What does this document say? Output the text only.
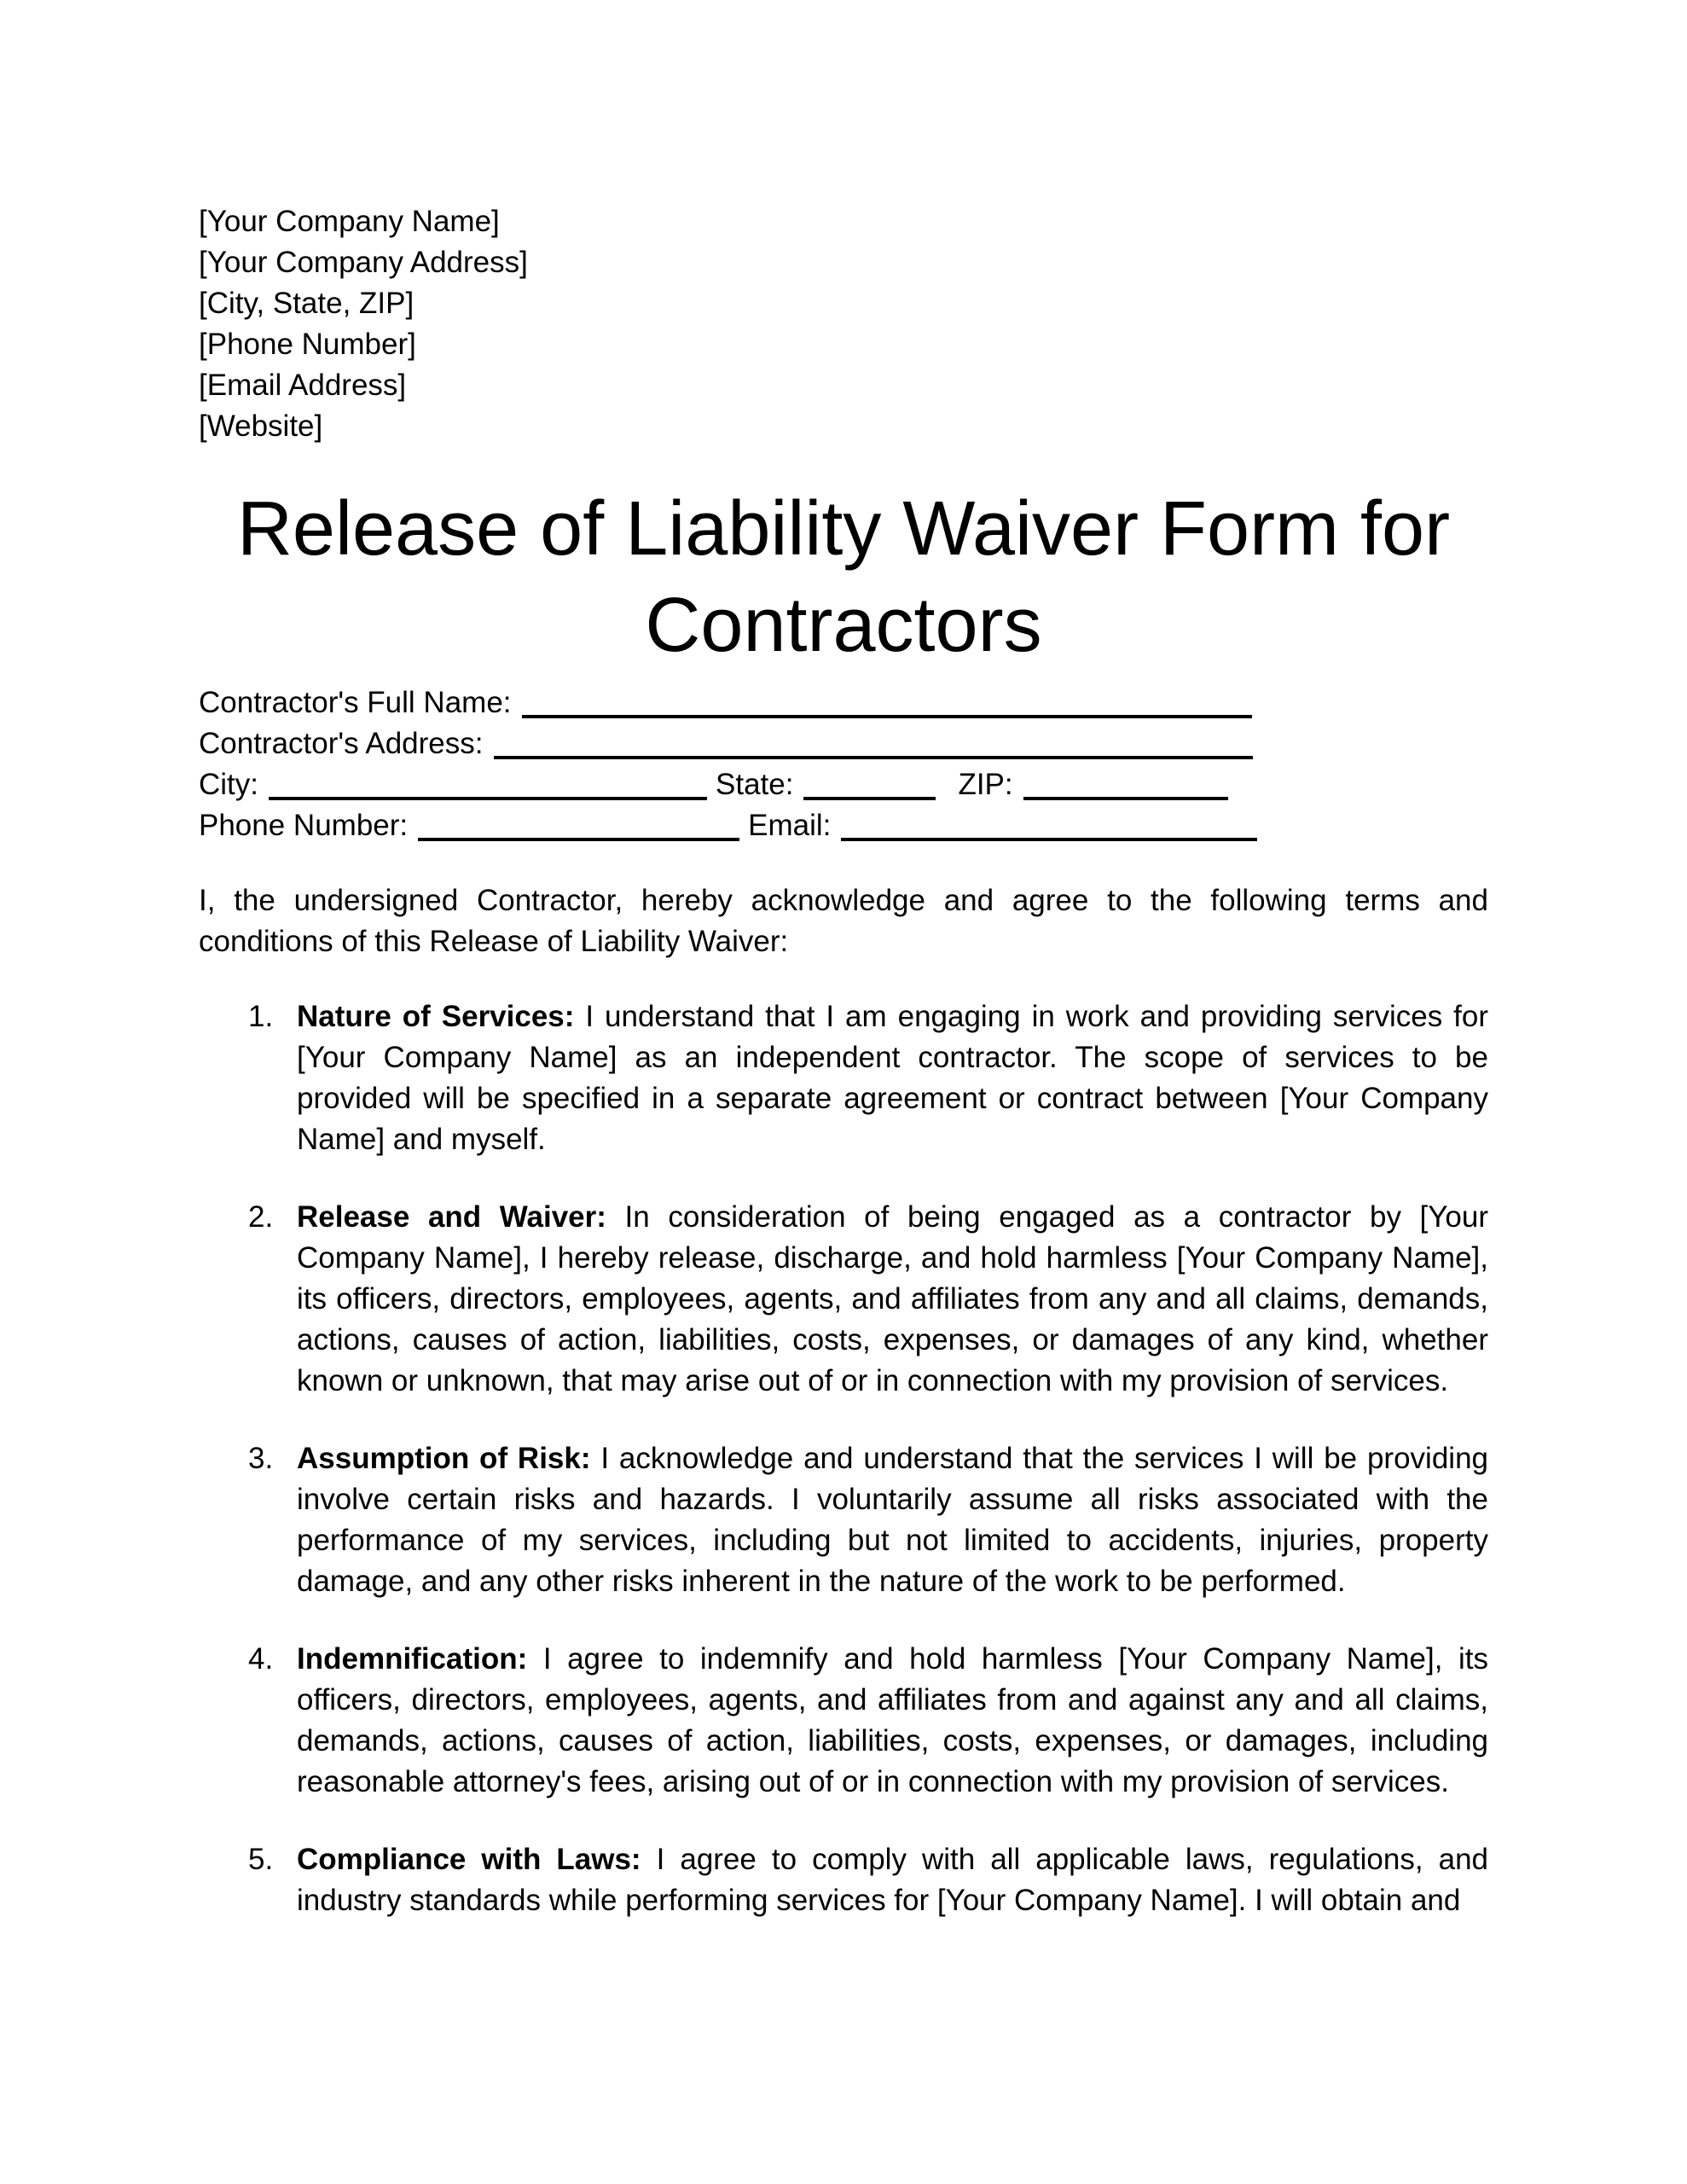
[Your Company Name]
[Your Company Address]
[City, State, ZIP]
[Phone Number]
[Email Address]
[Website]
Release of Liability Waiver Form for Contractors
Contractor's Full Name:
Contractor's Address:
City:	State:	ZIP:
Phone Number:	Email:

I, the undersigned Contractor, hereby acknowledge and agree to the following terms and conditions of this Release of Liability Waiver:

1. Nature of Services: I understand that I am engaging in work and providing services for [Your Company Name] as an independent contractor. The scope of services to be provided will be specified in a separate agreement or contract between [Your Company Name] and myself.

2. Release and Waiver: In consideration of being engaged as a contractor by [Your Company Name], I hereby release, discharge, and hold harmless [Your Company Name], its officers, directors, employees, agents, and affiliates from any and all claims, demands, actions, causes of action, liabilities, costs, expenses, or damages of any kind, whether known or unknown, that may arise out of or in connection with my provision of services.

3. Assumption of Risk: I acknowledge and understand that the services I will be providing involve certain risks and hazards. I voluntarily assume all risks associated with the performance of my services, including but not limited to accidents, injuries, property damage, and any other risks inherent in the nature of the work to be performed.

4. Indemnification: I agree to indemnify and hold harmless [Your Company Name], its officers, directors, employees, agents, and affiliates from and against any and all claims, demands, actions, causes of action, liabilities, costs, expenses, or damages, including reasonable attorney's fees, arising out of or in connection with my provision of services.

5. Compliance with Laws: I agree to comply with all applicable laws, regulations, and industry standards while performing services for [Your Company Name]. I will obtain and
